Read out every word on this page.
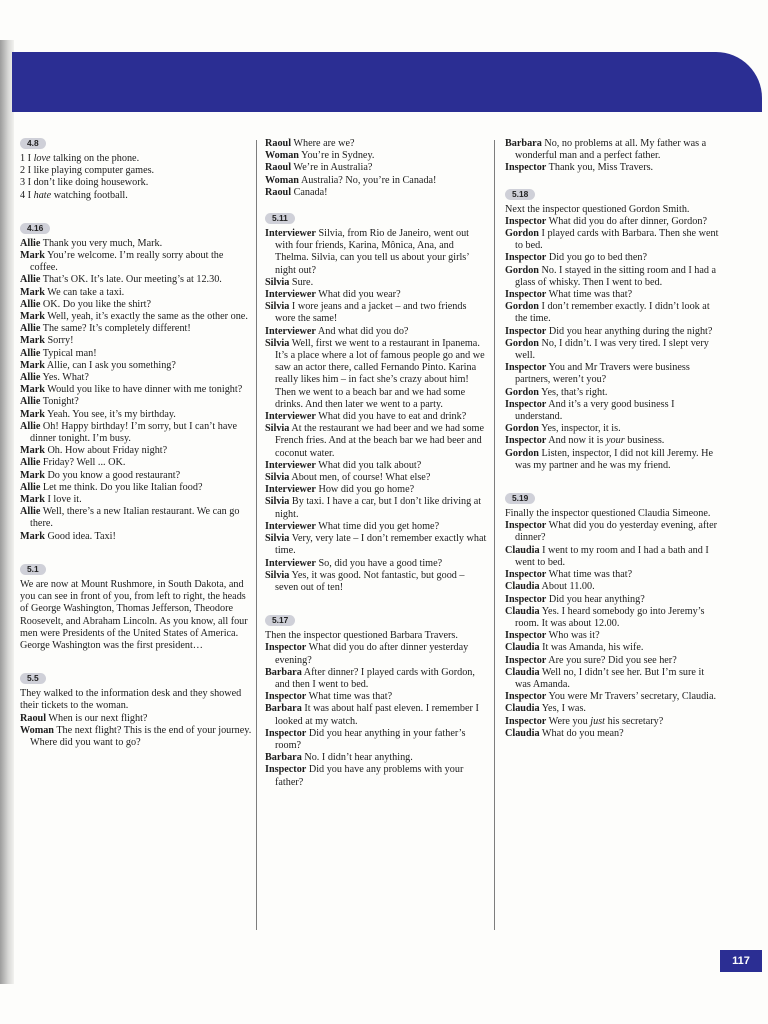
4.8

1 I love talking on the phone.

2 I like playing computer games.

3 I don’t like doing housework.

4 I hate watching football.

4.16

Allie Thank you very much, Mark.

Mark You’re welcome. I’m really sorry about the coffee.

Allie That’s OK. It’s late. Our meeting’s at 12.30.

Mark We can take a taxi.

Allie OK. Do you like the shirt?

Mark Well, yeah, it’s exactly the same as the other one.

Allie The same? It’s completely different!

Mark Sorry!

Allie Typical man!

Mark Allie, can I ask you something?

Allie Yes. What?

Mark Would you like to have dinner with me tonight?

Allie Tonight?

Mark Yeah. You see, it’s my birthday.

Allie Oh! Happy birthday! I’m sorry, but I can’t have dinner tonight. I’m busy.

Mark Oh. How about Friday night?

Allie Friday? Well ... OK.

Mark Do you know a good restaurant?

Allie Let me think. Do you like Italian food?

Mark I love it.

Allie Well, there’s a new Italian restaurant. We can go there.

Mark Good idea. Taxi!

5.1

We are now at Mount Rushmore, in South Dakota, and you can see in front of you, from left to right, the heads of George Washington, Thomas Jefferson, Theodore Roosevelt, and Abraham Lincoln. As you know, all four men were Presidents of the United States of America. George Washington was the first president…

5.5

They walked to the information desk and they showed their tickets to the woman.

Raoul When is our next flight?

Woman The next flight? This is the end of your journey. Where did you want to go?

Raoul Where are we?

Woman You’re in Sydney.

Raoul We’re in Australia?

Woman Australia? No, you’re in Canada!

Raoul Canada!

5.11

Interviewer Silvia, from Rio de Janeiro, went out with four friends, Karina, Mônica, Ana, and Thelma. Silvia, can you tell us about your girls’ night out?

Silvia Sure.

Interviewer What did you wear?

Silvia I wore jeans and a jacket – and two friends wore the same!

Interviewer And what did you do?

Silvia Well, first we went to a restaurant in Ipanema. It’s a place where a lot of famous people go and we saw an actor there, called Fernando Pinto. Karina really likes him – in fact she’s crazy about him! Then we went to a beach bar and we had some drinks. And then later we went to a party.

Interviewer What did you have to eat and drink?

Silvia At the restaurant we had beer and we had some French fries. And at the beach bar we had beer and coconut water.

Interviewer What did you talk about?

Silvia About men, of course! What else?

Interviewer How did you go home?

Silvia By taxi. I have a car, but I don’t like driving at night.

Interviewer What time did you get home?

Silvia Very, very late – I don’t remember exactly what time.

Interviewer So, did you have a good time?

Silvia Yes, it was good. Not fantastic, but good – seven out of ten!

5.17

Then the inspector questioned Barbara Travers.

Inspector What did you do after dinner yesterday evening?

Barbara After dinner? I played cards with Gordon, and then I went to bed.

Inspector What time was that?

Barbara It was about half past eleven. I remember I looked at my watch.

Inspector Did you hear anything in your father’s room?

Barbara No. I didn’t hear anything.

Inspector Did you have any problems with your father?

Barbara No, no problems at all. My father was a wonderful man and a perfect father.

Inspector Thank you, Miss Travers.

5.18

Next the inspector questioned Gordon Smith.

Inspector What did you do after dinner, Gordon?

Gordon I played cards with Barbara. Then she went to bed.

Inspector Did you go to bed then?

Gordon No. I stayed in the sitting room and I had a glass of whisky. Then I went to bed.

Inspector What time was that?

Gordon I don’t remember exactly. I didn’t look at the time.

Inspector Did you hear anything during the night?

Gordon No, I didn’t. I was very tired. I slept very well.

Inspector You and Mr Travers were business partners, weren’t you?

Gordon Yes, that’s right.

Inspector And it’s a very good business I understand.

Gordon Yes, inspector, it is.

Inspector And now it is your business.

Gordon Listen, inspector, I did not kill Jeremy. He was my partner and he was my friend.

5.19

Finally the inspector questioned Claudia Simeone.

Inspector What did you do yesterday evening, after dinner?

Claudia I went to my room and I had a bath and I went to bed.

Inspector What time was that?

Claudia About 11.00.

Inspector Did you hear anything?

Claudia Yes. I heard somebody go into Jeremy’s room. It was about 12.00.

Inspector Who was it?

Claudia It was Amanda, his wife.

Inspector Are you sure? Did you see her?

Claudia Well no, I didn’t see her. But I’m sure it was Amanda.

Inspector You were Mr Travers’ secretary, Claudia.

Claudia Yes, I was.

Inspector Were you just his secretary?

Claudia What do you mean?

117
